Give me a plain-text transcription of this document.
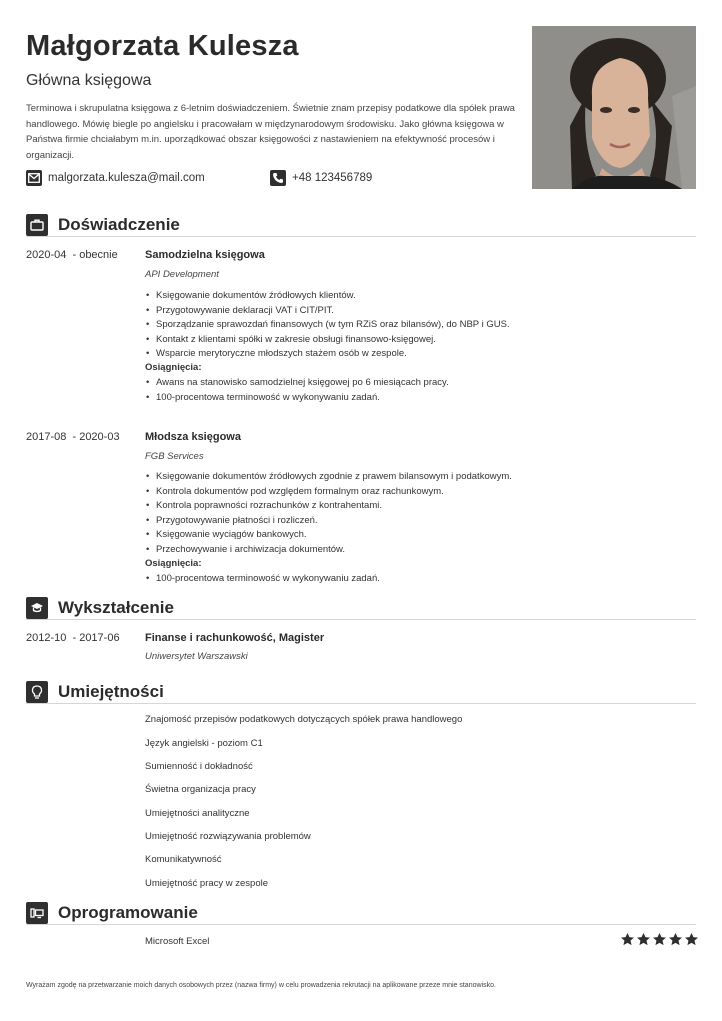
Małgorzata Kulesza
Główna księgowa
Terminowa i skrupulatna księgowa z 6-letnim doświadczeniem. Świetnie znam przepisy podatkowe dla spółek prawa handlowego. Mówię biegle po angielsku i pracowałam w międzynarodowym środowisku. Jako główna księgowa w Państwa firmie chciałabym m.in. uporządkować obszar księgowości z nastawieniem na efektywność procesów i organizacji.
malgorzata.kulesza@mail.com	+48 123456789
Doświadczenie
2020-04  - obecnie Samodzielna księgowa
API Development
• Księgowanie dokumentów źródłowych klientów.
• Przygotowywanie deklaracji VAT i CIT/PIT.
• Sporządzanie sprawozdań finansowych (w tym RZiS oraz bilansów), do NBP i GUS.
• Kontakt z klientami spółki w zakresie obsługi finansowo-księgowej.
• Wsparcie merytoryczne młodszych stażem osób w zespole.
Osiągnięcia:
• Awans na stanowisko samodzielnej księgowej po 6 miesiącach pracy.
• 100-procentowa terminowość w wykonywaniu zadań.
2017-08  - 2020-03 Młodsza księgowa
FGB Services
• Księgowanie dokumentów źródłowych zgodnie z prawem bilansowym i podatkowym.
• Kontrola dokumentów pod względem formalnym oraz rachunkowym.
• Kontrola poprawności rozrachunków z kontrahentami.
• Przygotowywanie płatności i rozliczeń.
• Księgowanie wyciągów bankowych.
• Przechowywanie i archiwizacja dokumentów.
Osiągnięcia:
• 100-procentowa terminowość w wykonywaniu zadań.
Wykształcenie
2012-10  - 2017-06 Finanse i rachunkowość, Magister
Uniwersytet Warszawski
Umiejętności
Znajomość przepisów podatkowych dotyczących spółek prawa handlowego
Język angielski - poziom C1
Sumienność i dokładność
Świetna organizacja pracy
Umiejętności analityczne
Umiejętność rozwiązywania problemów
Komunikatywność
Umiejętność pracy w zespole
Oprogramowanie
Microsoft Excel
Wyrażam zgodę na przetwarzanie moich danych osobowych przez (nazwa firmy) w celu prowadzenia rekrutacji na aplikowane przeze mnie stanowisko.
